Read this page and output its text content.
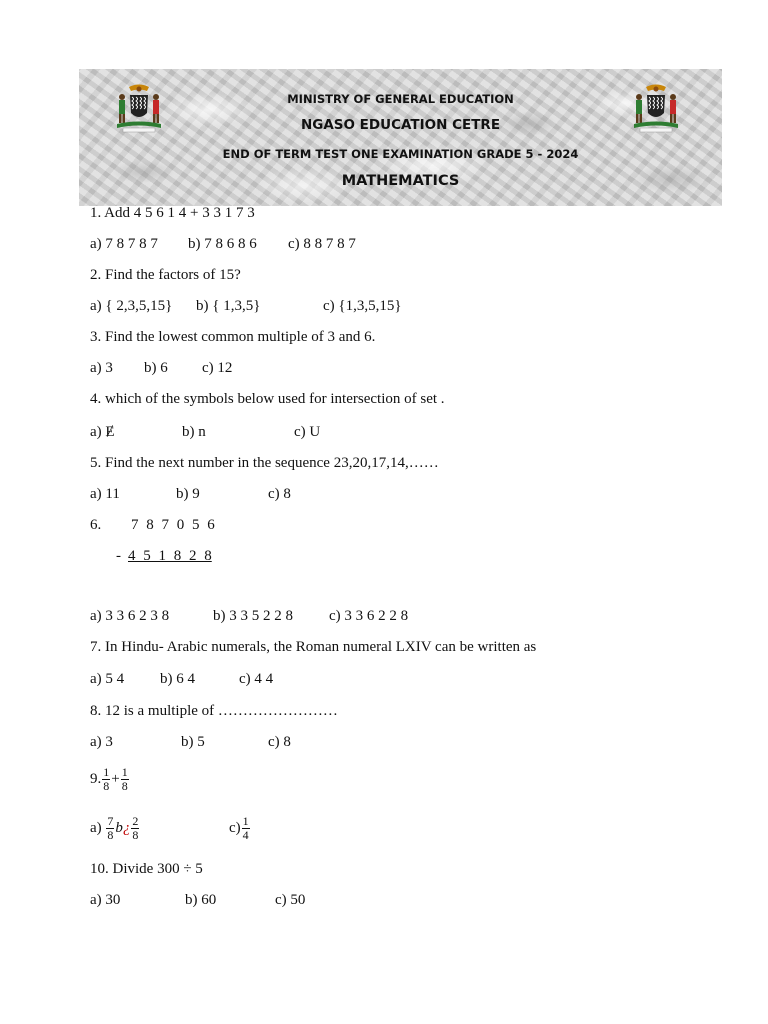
MINISTRY OF GENERAL EDUCATION
NGASO EDUCATION CETRE
END OF TERM TEST ONE EXAMINATION GRADE 5 - 2024
MATHEMATICS
1. Add 4 5 6 1 4 + 3 3 1 7 3
a) 7 8 7 8 7 b) 7 8 6 8 6 c) 8 8 7 8 7
2. Find the factors of 15?
a) { 2,3,5,15} b) { 1,3,5}	c) {1,3,5,15}
3. Find the lowest common multiple of 3 and 6.
a) 3 b) 6 c) 12
4. which of the symbols below used for intersection of set .
a) Ɇ	b) n	c) U
5. Find the next number in the sequence 23,20,17,14,……
a) 11	b) 9	c) 8
6. 7 8 7 0 5 6
- 4 5 1 8 2 8
a) 3 3 6 2 3 8	b) 3 3 5 2 2 8 c) 3 3 6 2 2 8
7. In Hindu- Arabic numerals, the Roman numeral LXIV can be written as
a) 5 4 b) 6 4	c) 4 4
8. 12 is a multiple of ……………………
a) 3	b) 5	c) 8
9. $\frac{1}{8} + \frac{1}{8}$
$a) \frac{7}{8}$ b¿ $\frac{2}{8}$	$c) \frac{1}{4}$
10. Divide 300 ÷ 5
a) 30	b) 60	c) 50
